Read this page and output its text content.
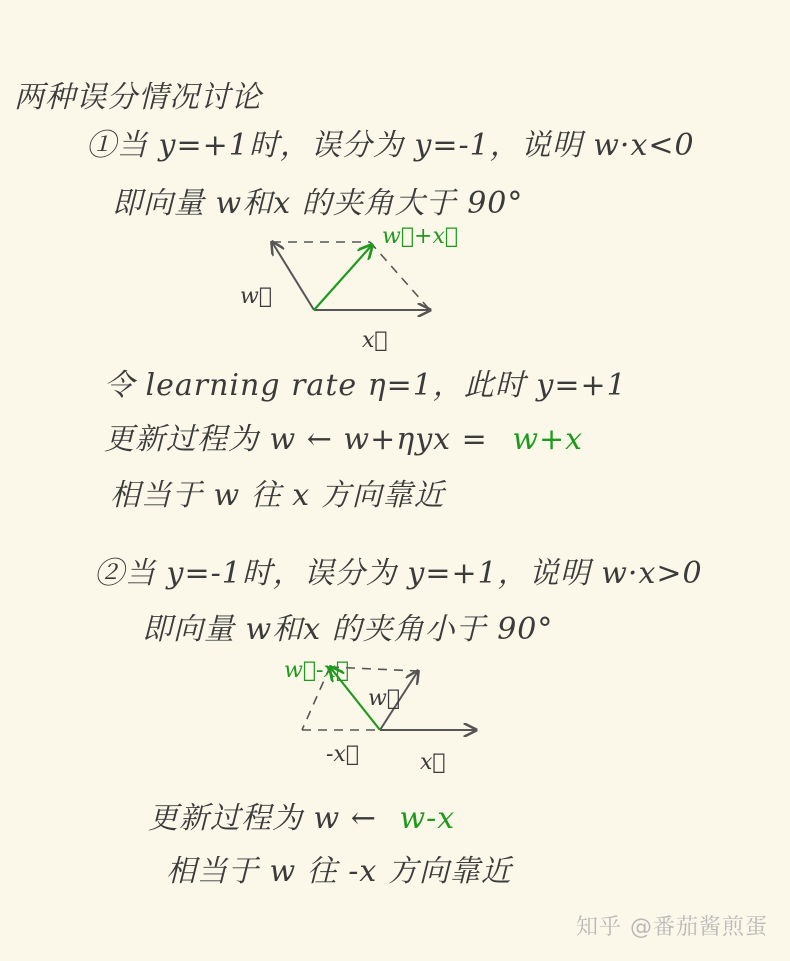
两种误分情况讨论
①当 y=+1时，误分为 y=-1，说明 w·x<0
即向量 w和x 的夹角大于 90°
w⃗
x⃗
w⃗+x⃗
令 learning rate η=1，此时 y=+1
更新过程为 w ← w+ηyx = w+x
相当于 w 往 x 方向靠近
②当 y=-1时，误分为 y=+1，说明 w·x>0
即向量 w和x 的夹角小于 90°
w⃗-x⃗
w⃗
-x⃗	x⃗
更新过程为 w ← w-x
相当于 w 往 -x 方向靠近
知乎 @番茄酱煎蛋
